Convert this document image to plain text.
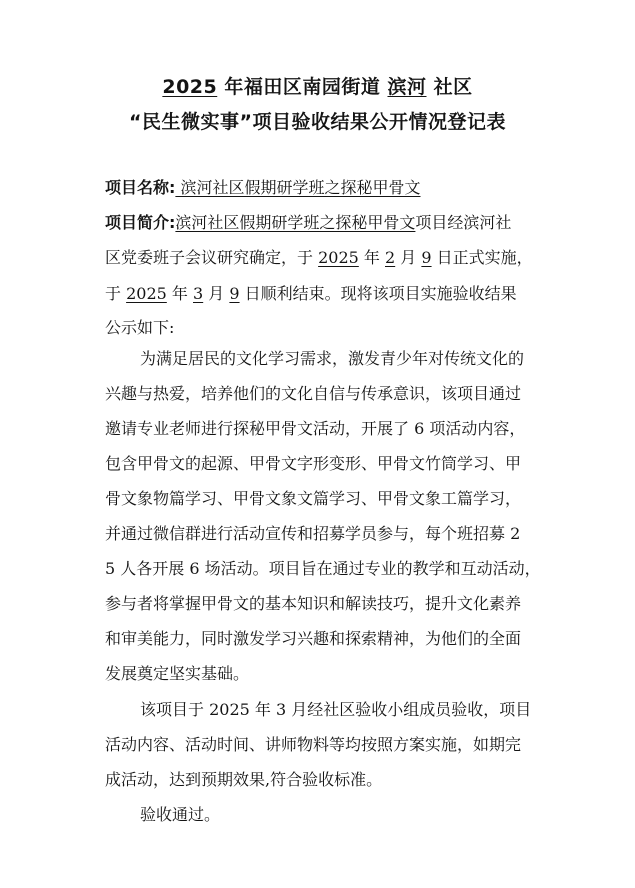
2025 年福田区南园街道 滨河 社区
“民生微实事”项目验收结果公开情况登记表
项目名称: 滨河社区假期研学班之探秘甲骨文
项目简介:滨河社区假期研学班之探秘甲骨文项目经滨河社
区党委班子会议研究确定，于 2025 年 2 月 9 日正式实施，
于 2025 年 3 月 9 日顺利结束。现将该项目实施验收结果
公示如下:
为满足居民的文化学习需求，激发青少年对传统文化的
兴趣与热爱，培养他们的文化自信与传承意识，该项目通过
邀请专业老师进行探秘甲骨文活动，开展了 6 项活动内容，
包含甲骨文的起源、甲骨文字形变形、甲骨文竹筒学习、甲
骨文象物篇学习、甲骨文象文篇学习、甲骨文象工篇学习，
并通过微信群进行活动宣传和招募学员参与，每个班招募 2
5 人各开展 6 场活动。项目旨在通过专业的教学和互动活动，
参与者将掌握甲骨文的基本知识和解读技巧，提升文化素养
和审美能力，同时激发学习兴趣和探索精神，为他们的全面
发展奠定坚实基础。
该项目于 2025 年 3 月经社区验收小组成员验收，项目
活动内容、活动时间、讲师物料等均按照方案实施，如期完
成活动，达到预期效果,符合验收标准。
验收通过。
